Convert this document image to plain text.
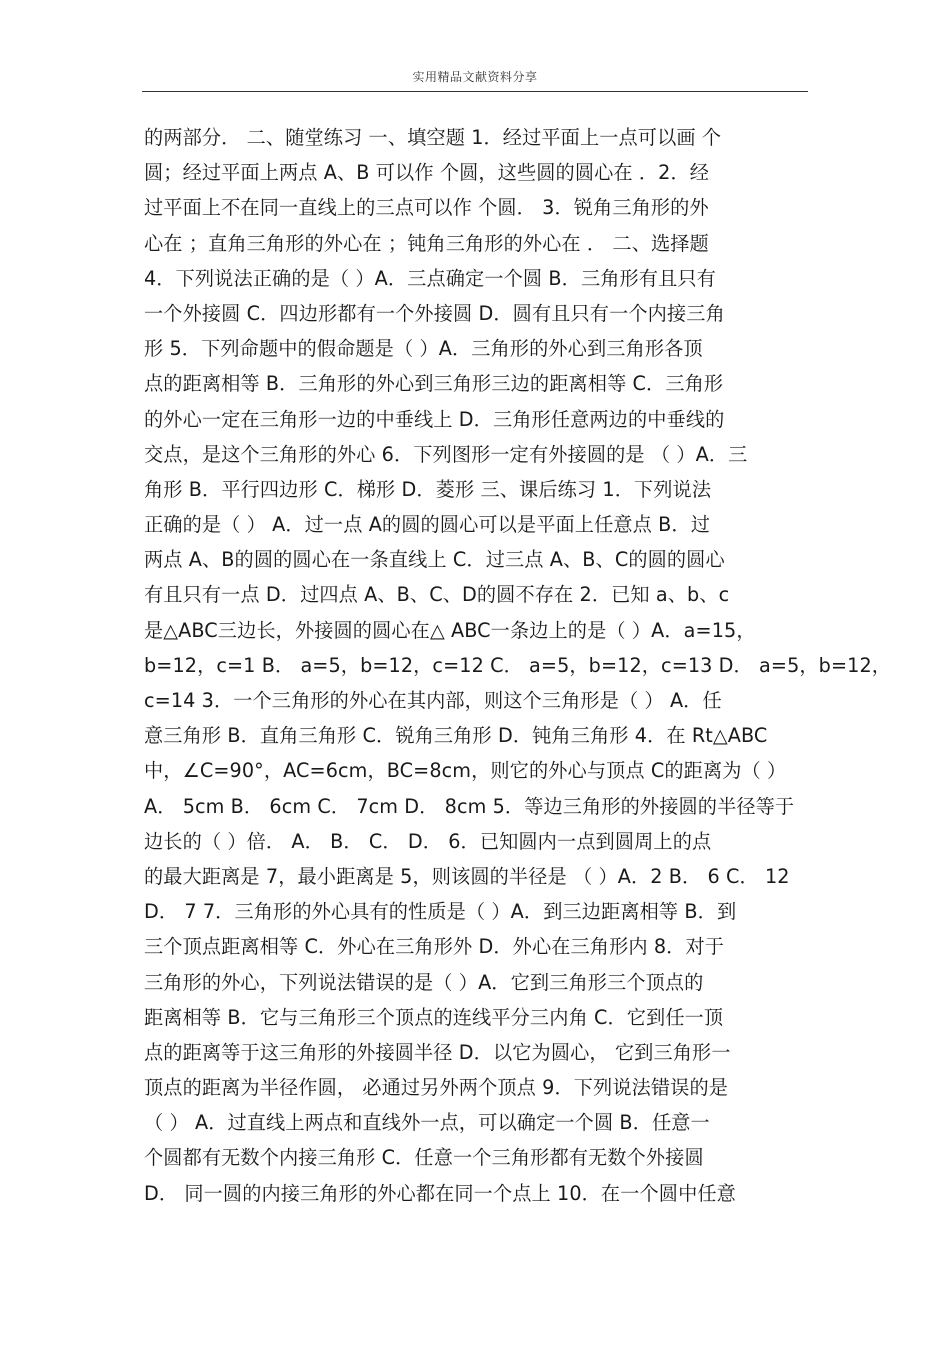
实用精品文献资料分享
的两部分． 二、随堂练习 一、填空题 1．经过平面上一点可以画 个
圆；经过平面上两点 A、B 可以作 个圆，这些圆的圆心在 ．2．经
过平面上不在同一直线上的三点可以作 个圆． 3．锐角三角形的外
心在 ；直角三角形的外心在 ；钝角三角形的外心在 ． 二、选择题
4．下列说法正确的是（ ）A．三点确定一个圆 B．三角形有且只有
一个外接圆 C．四边形都有一个外接圆 D．圆有且只有一个内接三角
形 5．下列命题中的假命题是（ ）A．三角形的外心到三角形各顶
点的距离相等 B．三角形的外心到三角形三边的距离相等 C．三角形
的外心一定在三角形一边的中垂线上 D．三角形任意两边的中垂线的
交点，是这个三角形的外心 6．下列图形一定有外接圆的是 （ ）A．三
角形 B．平行四边形 C．梯形 D．菱形 三、课后练习 1．下列说法
正确的是（ ） A．过一点 A的圆的圆心可以是平面上任意点 B．过
两点 A、B的圆的圆心在一条直线上 C．过三点 A、B、C的圆的圆心
有且只有一点 D．过四点 A、B、C、D的圆不存在 2．已知 a、b、c
是△ABC三边长，外接圆的圆心在△ ABC一条边上的是（ ）A．a=15，
b=12，c=1 B． a=5，b=12，c=12 C． a=5，b=12，c=13 D． a=5，b=12，
c=14 3．一个三角形的外心在其内部，则这个三角形是（ ） A．任
意三角形 B．直角三角形 C．锐角三角形 D．钝角三角形 4．在 Rt△ABC
中，∠C=90°，AC=6cm，BC=8cm，则它的外心与顶点 C的距离为（ ）
A． 5cm B． 6cm C． 7cm D． 8cm 5．等边三角形的外接圆的半径等于
边长的（ ）倍． A． B． C． D． 6．已知圆内一点到圆周上的点
的最大距离是 7，最小距离是 5，则该圆的半径是 （ ）A．2 B． 6 C． 12
D． 7 7．三角形的外心具有的性质是（ ）A．到三边距离相等 B．到
三个顶点距离相等 C．外心在三角形外 D．外心在三角形内 8．对于
三角形的外心，下列说法错误的是（ ）A．它到三角形三个顶点的
距离相等 B．它与三角形三个顶点的连线平分三内角 C．它到任一顶
点的距离等于这三角形的外接圆半径 D．以它为圆心， 它到三角形一
顶点的距离为半径作圆， 必通过另外两个顶点 9．下列说法错误的是
（ ） A．过直线上两点和直线外一点，可以确定一个圆 B．任意一
个圆都有无数个内接三角形 C．任意一个三角形都有无数个外接圆
D． 同一圆的内接三角形的外心都在同一个点上 10．在一个圆中任意
